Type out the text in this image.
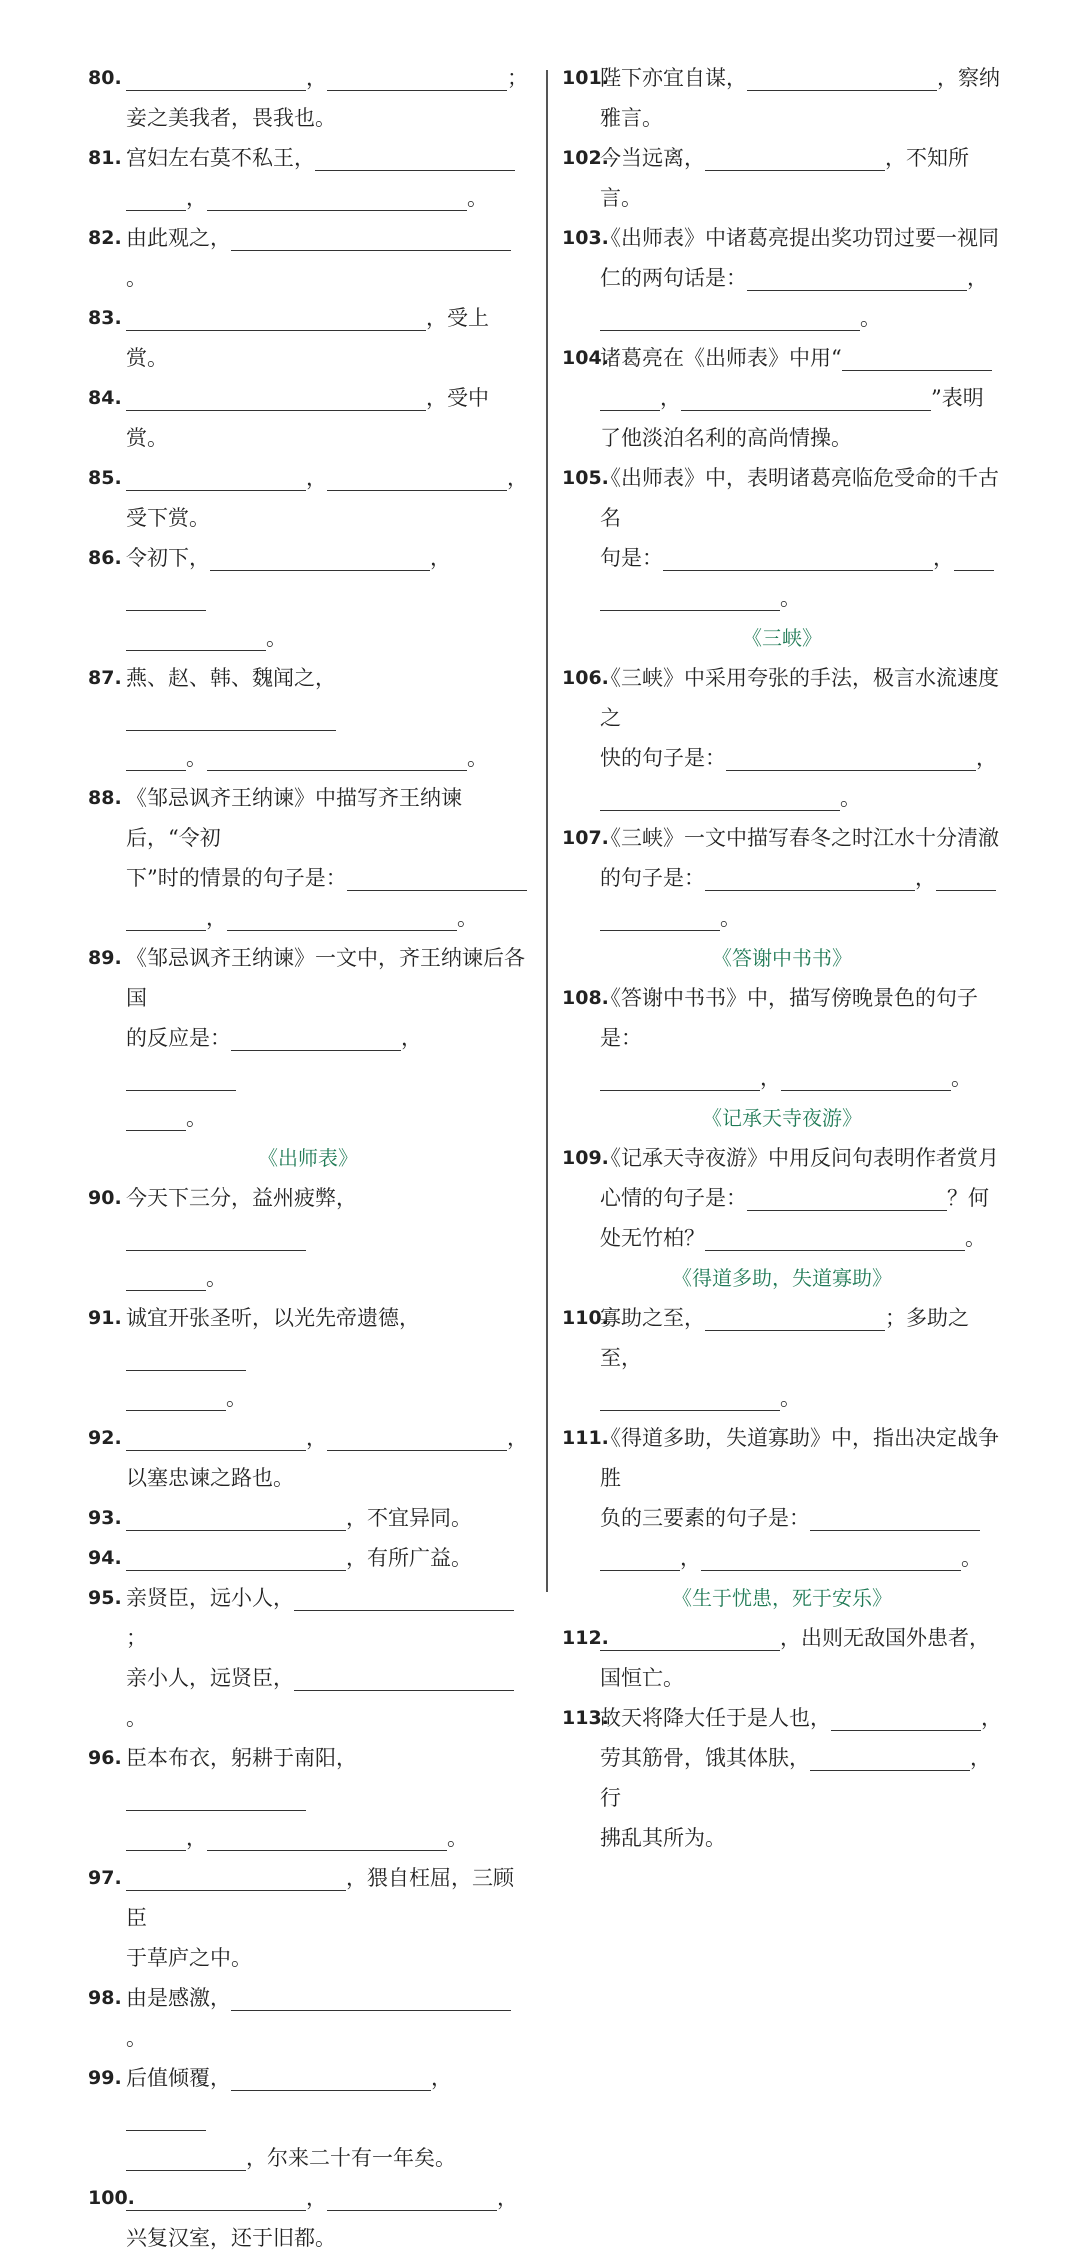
80.	，	；
妾之美我者，畏我也。
81. 宫妇左右莫不私王，
，	。
82. 由此观之，。
83.	，受上赏。
84.	，受中赏。
85.	，	，
受下赏。
86. 令初下，	，
。
87. 燕、赵、韩、魏闻之，
。	。
88. 《邹忌讽齐王纳谏》中描写齐王纳谏后，“令初
下”时的情景的句子是：
，	。
89. 《邹忌讽齐王纳谏》一文中，齐王纳谏后各国
的反应是：	，
。
《出师表》
90. 今天下三分，益州疲弊，
。
91. 诚宜开张圣听，以光先帝遗德，
。
92.	，	，
以塞忠谏之路也。
93.	，不宜异同。
94.	，有所广益。
95. 亲贤臣，远小人，；
亲小人，远贤臣，。
96. 臣本布衣，躬耕于南阳，
，	。
97.	，猥自枉屈，三顾臣
于草庐之中。
98. 由是感激，。
99. 后值倾覆，	，
，尔来二十有一年矣。
100.	，	，
兴复汉室，还于旧都。
101.
陛下亦宜自谋，	，察纳
雅言。
102.
今当远离，	，不知所言。
103.
《出师表》中诸葛亮提出奖功罚过要一视同
仁的两句话是：	，
。
104.
诸葛亮在《出师表》中用“
，	”表明
了他淡泊名利的高尚情操。
105.
《出师表》中，表明诸葛亮临危受命的千古名
句是：	，
。
《三峡》
106.
《三峡》中采用夸张的手法，极言水流速度之
快的句子是：	，
。
107.
《三峡》一文中描写春冬之时江水十分清澈
的句子是：	，
。
《答谢中书书》
108.
《答谢中书书》中，描写傍晚景色的句子是：
，	。
《记承天寺夜游》
109.
《记承天寺夜游》中用反问句表明作者赏月
心情的句子是：	？何
处无竹柏？	。
《得道多助，失道寡助》
110.
寡助之至，	；多助之至，
。
111.
《得道多助，失道寡助》中，指出决定战争胜
负的三要素的句子是：
，	。
《生于忧患，死于安乐》
112.	，出则无敌国外患者，
国恒亡。
113.
故天将降大任于是人也，	，
劳其筋骨，饿其体肤，	，行
拂乱其所为。
